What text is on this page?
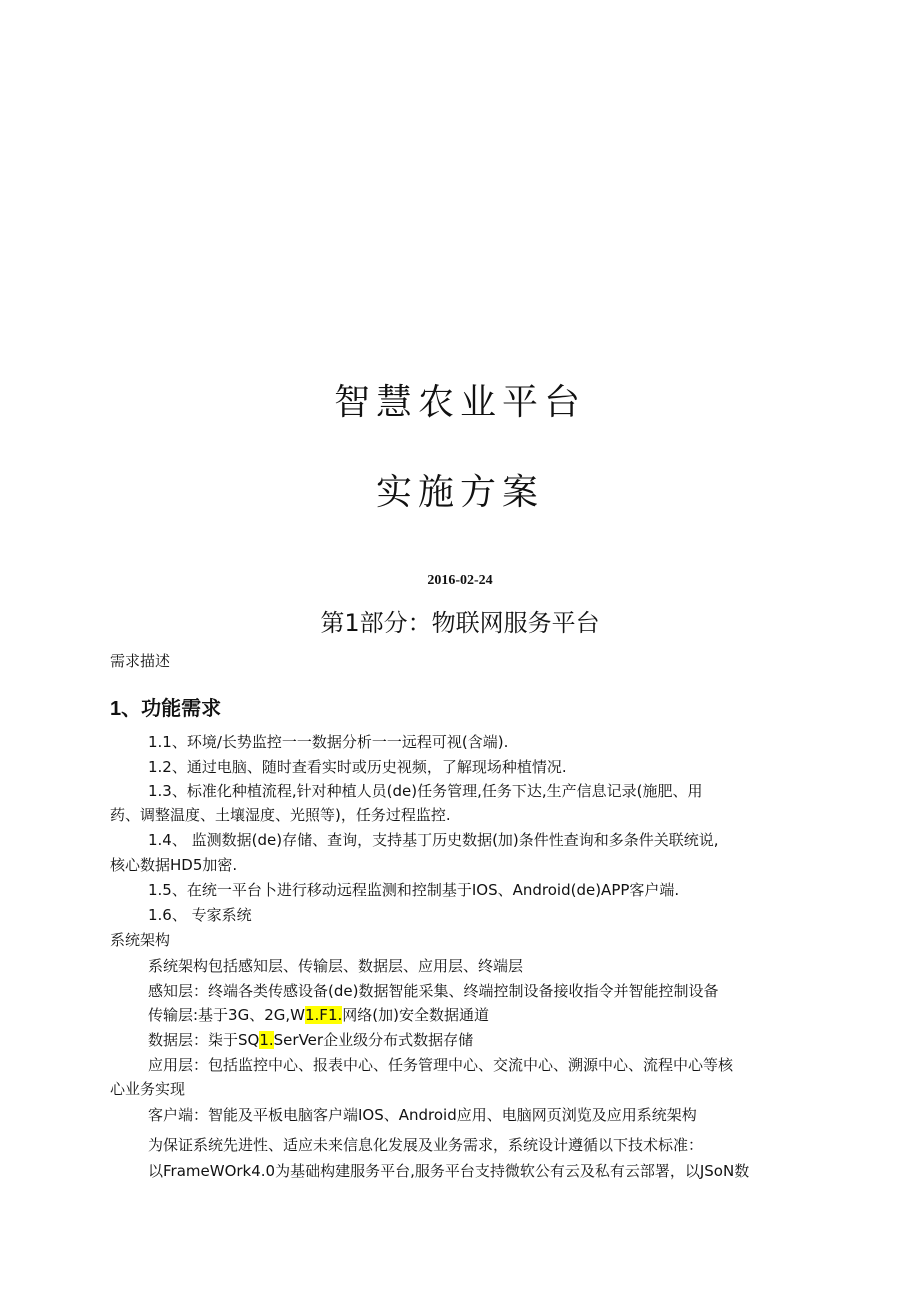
智慧农业平台
实施方案
2016-02-24
第1部分：物联网服务平台
需求描述
1、功能需求
1.1、环境/长势监控一一数据分析一一远程可视(含端).
1.2、通过电脑、随时查看实时或历史视频，了解现场种植情况.
1.3、标准化种植流程,针对种植人员(de)任务管理,任务下达,生产信息记录(施肥、用
药、调整温度、土壤湿度、光照等)，任务过程监控.
1.4、 监测数据(de)存储、查询，支持基丁历史数据(加)条件性查询和多条件关联统说,
核心数据HD5加密.
1.5、在统一平台卜进行移动远程监测和控制基于IOS、Android(de)APP客户端.
1.6、 专家系统
系统架构
系统架构包括感知层、传输层、数据层、应用层、终端层
感知层：终端各类传感设备(de)数据智能采集、终端控制设备接收指令并智能控制设备
传输层:基于3G、2G,W1.F1.网络(加)安全数据通道
数据层：柒于SQ1.SerVer企业级分布式数据存储
应用层：包括监控中心、报表中心、任务管理中心、交流中心、溯源中心、流程中心等核
心业务实现
客户端：智能及平板电脑客户端IOS、Android应用、电脑网页浏览及应用系统架构
为保证系统先进性、适应未来信息化发展及业务需求，系统设计遵循以下技术标准：
以FrameWOrk4.0为基础构建服务平台,服务平台支持微软公有云及私有云部署，以JSoN数
